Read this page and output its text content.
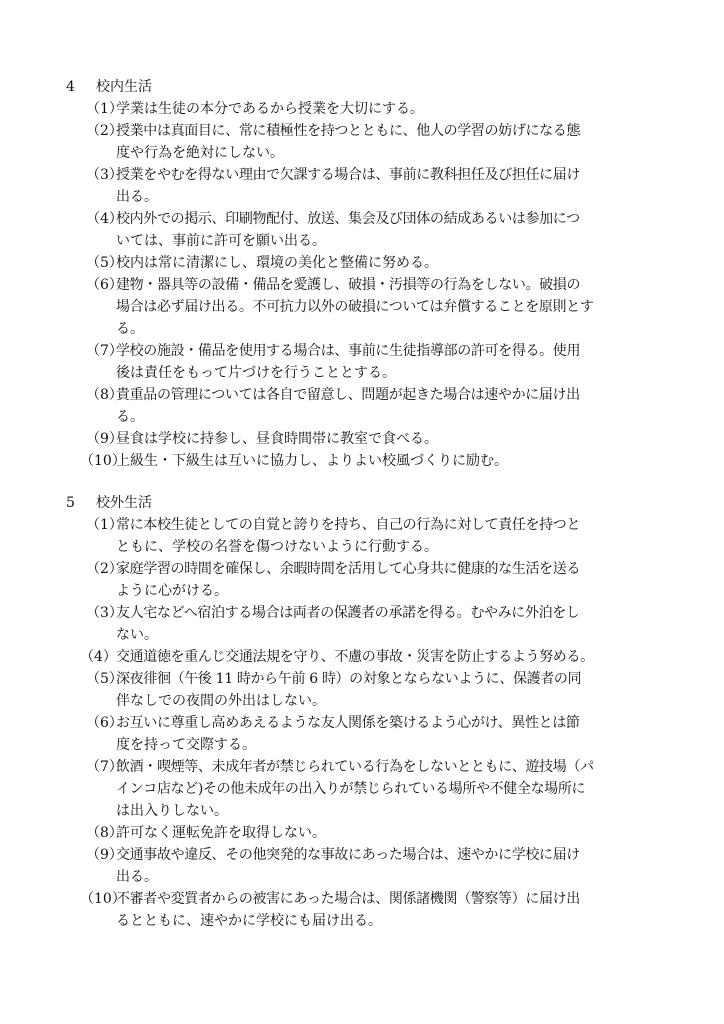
4 校内生活
（1）
学業は生徒の本分であるから授業を大切にする。
（2）
授業中は真面目に、常に積極性を持つとともに、他人の学習の妨げになる態
度や行為を絶対にしない。
（3）
授業をやむを得ない理由で欠課する場合は、事前に教科担任及び担任に届け
出る。
（4）
校内外での掲示、印刷物配付、放送、集会及び団体の結成あるいは参加につ
いては、事前に許可を願い出る。
（5）
校内は常に清潔にし、環境の美化と整備に努める。
（6）
建物・器具等の設備・備品を愛護し、破損・汚損等の行為をしない。破損の
場合は必ず届け出る。不可抗力以外の破損については弁償することを原則とす
る。
（7）
学校の施設・備品を使用する場合は、事前に生徒指導部の許可を得る。使用
後は責任をもって片づけを行うこととする。
（8）
貴重品の管理については各自で留意し、問題が起きた場合は速やかに届け出
る。
（9）
昼食は学校に持参し、昼食時間帯に教室で食べる。
（10）
上級生・下級生は互いに協力し、よりよい校風づくりに励む。
5 校外生活
（1）
常に本校生徒としての自覚と誇りを持ち、自己の行為に対して責任を持つと
ともに、学校の名誉を傷つけないように行動する。
（2）
家庭学習の時間を確保し、余暇時間を活用して心身共に健康的な生活を送る
ように心がける。
（3）
友人宅などへ宿泊する場合は両者の保護者の承諾を得る。むやみに外泊をし
ない。
（4） 交通道徳を重んじ交通法規を守り、不慮の事故・災害を防止するよう努める。
（5）
深夜徘徊（午後 11 時から午前 6 時）の対象とならないように、保護者の同
伴なしでの夜間の外出はしない。
（6）
お互いに尊重し高めあえるような友人関係を築けるよう心がけ、異性とは節
度を持って交際する。
（7）
飲酒・喫煙等、未成年者が禁じられている行為をしないとともに、遊技場（パ
インコ店など)その他未成年の出入りが禁じられている場所や不健全な場所に
は出入りしない。
（8）
許可なく運転免許を取得しない。
（9）
交通事故や違反、その他突発的な事故にあった場合は、速やかに学校に届け
出る。
（10）
不審者や変質者からの被害にあった場合は、関係諸機関（警察等）に届け出
るとともに、速やかに学校にも届け出る。
